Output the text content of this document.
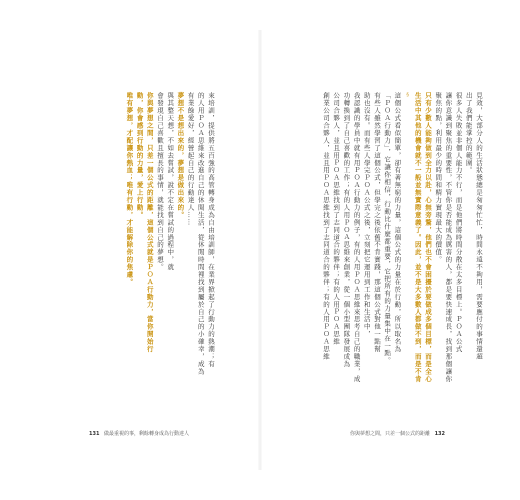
來培訓，提供將五百強的高管轉身成為自由培訓師，在業界掀起了行動力的熱潮；有
的人用ＰＯＡ思維來改進自己的休閒生活，從休閒時間裡找到屬於自己的小確幸，成為
有業餘愛好，經營起自己的行動達人……
夢想不是想出來的，夢想是做出來的。
與其整天想，不如去嘗試，說不定在嘗試的過程中，就
會發現自己喜歡且擅長的事情，就能找到自己的夢想。
你與夢想之間，只差一個公式的距離，這個公式就是ＰＯＡ行動力，當你開始行
動，你會感到行動的力量，愛上行動。
唯有夢想，才配讓你熱血；唯有行動，才能解除你的焦慮。
131 做最重視的事，剩餘轉身成為行動達人
見效，大部分人的生活狀態總是匆匆忙忙，時間永遠不夠用，需要應付的事情還超
出了我們能掌控的範圍。
很多人失敗並非個人能力不行，而是他們將時間分散在太多目標上。ＰＯＡ公式
讓你意識到聚焦的重要性，不管你是否能成為厲害的人，都是要快速成長，找到那個讓你
聚焦的點，利用最少的時間和精力實現最大的價值。
只有少數人能夠做到全力以赴，心無旁騖，他們也不會困擾於要做成多個目標，而是全心
生活中其他的機會就不一般並無實際意義了。因此，並不是大多數人都做不到，而是不肯
§
這個公式看似簡單，卻有著無窮的力量，這個公式的力量在於行動，所以取名為
「ＰＯＡ行動力」，它讓你相信，行動比什麼都重要，它把所有的力量集中在一點。
有些人雖然學習了這個公式，但學完之後依舊不肯實踐，那這個公式對他一點幫
助也沒有。而有些人學完ＰＯＡ公式之後，立刻把它運用到工作和生活中，
我認識的學員中就有用ＰＯＡ行動力的例子，有的人用ＰＯＡ思維來思考自己的職業，成
功轉換到了自己喜歡的工作；有的人用ＰＯＡ思維來創業，從一個小型團隊發展成為
公司合夥人，並且用ＰＯＡ思維找到了志同道合的夥伴；有的人用ＰＯＡ思維
創業公司合夥人，並且用ＰＯＡ思維找到了志同道合的夥伴；有的人用ＰＯＡ思維
你與夢想之間，只差一個公式的距離 132
